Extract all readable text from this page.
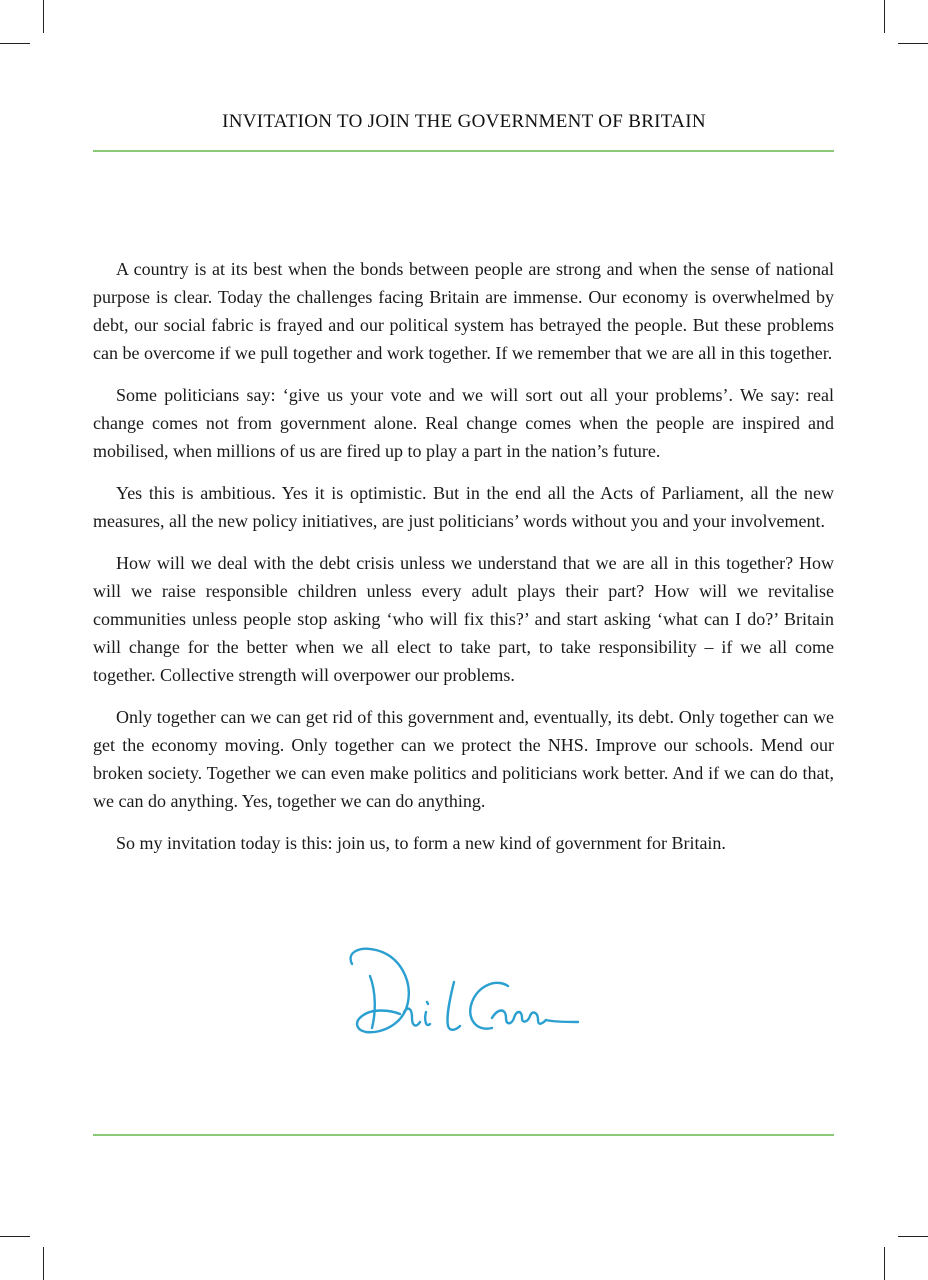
INVITATION TO JOIN THE GOVERNMENT OF BRITAIN

A country is at its best when the bonds between people are strong and when the sense of national purpose is clear. Today the challenges facing Britain are immense. Our economy is overwhelmed by debt, our social fabric is frayed and our political system has betrayed the people. But these problems can be overcome if we pull together and work together. If we remember that we are all in this together.

Some politicians say: ‘give us your vote and we will sort out all your problems’. We say: real change comes not from government alone. Real change comes when the people are inspired and mobilised, when millions of us are fired up to play a part in the nation’s future.

Yes this is ambitious. Yes it is optimistic. But in the end all the Acts of Parliament, all the new measures, all the new policy initiatives, are just politicians’ words without you and your involvement.

How will we deal with the debt crisis unless we understand that we are all in this together? How will we raise responsible children unless every adult plays their part? How will we revitalise communities unless people stop asking ‘who will fix this?’ and start asking ‘what can I do?’ Britain will change for the better when we all elect to take part, to take responsibility – if we all come together. Collective strength will overpower our problems.

Only together can we can get rid of this government and, eventually, its debt. Only together can we get the economy moving. Only together can we protect the NHS. Improve our schools. Mend our broken society. Together we can even make politics and politicians work better. And if we can do that, we can do anything. Yes, together we can do anything.

So my invitation today is this: join us, to form a new kind of government for Britain.
